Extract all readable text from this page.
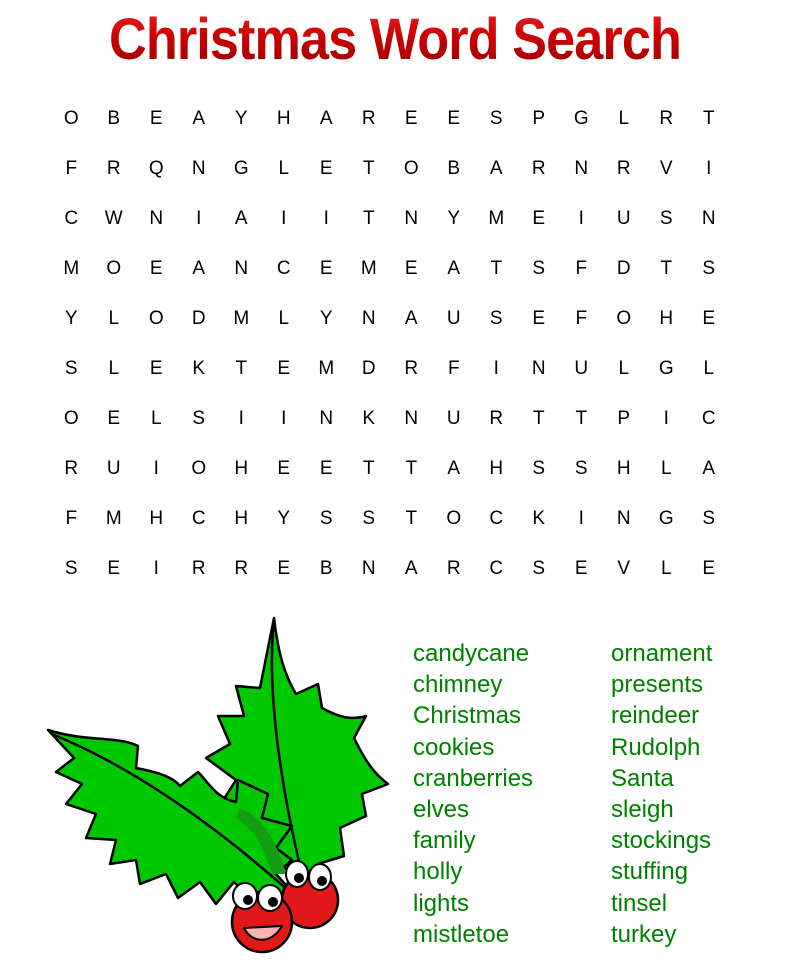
Christmas Word Search
O	B	E	A	Y	H	A	R	E	E	S	P	G	L	R	T
F	R	Q	N	G	L	E	T	O	B	A	R	N	R	V	I
C	W	N	I	A	I	I	T	N	Y	M	E	I	U	S	N
M	O	E	A	N	C	E	M	E	A	T	S	F	D	T	S
Y	L	O	D	M	L	Y	N	A	U	S	E	F	O	H	E
S	L	E	K	T	E	M	D	R	F	I	N	U	L	G	L
O	E	L	S	I	I	N	K	N	U	R	T	T	P	I	C
R	U	I	O	H	E	E	T	T	A	H	S	S	H	L	A
F	M	H	C	H	Y	S	S	T	O	C	K	I	N	G	S
S	E	I	R	R	E	B	N	A	R	C	S	E	V	L	E
candycane
chimney
Christmas
cookies
cranberries
elves
family
holly
lights
mistletoe
ornament
presents
reindeer
Rudolph
Santa
sleigh
stockings
stuffing
tinsel
turkey
